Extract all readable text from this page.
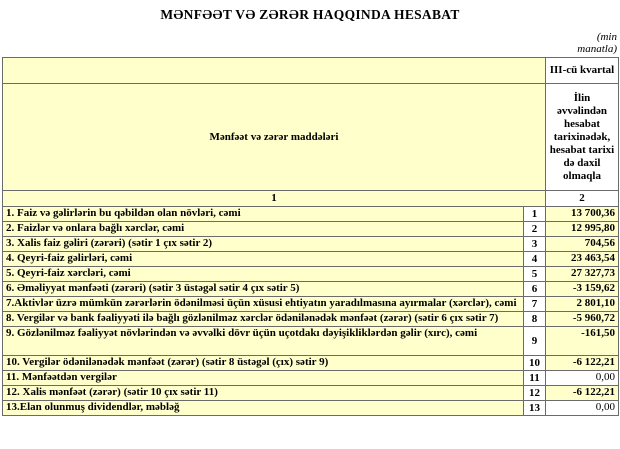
MƏNFƏƏT VƏ ZƏRƏR HAQQINDA HESABAT
(min manatla)
		III-cü kvartal
Mənfəət və zərər maddələri		İlin əvvəlindən hesabat tarixinədək, hesabat tarixi də daxil olmaqla
1		2
1. Faiz və gəlirlərin bu qəbildən olan növləri, cəmi	1	13 700,36
2. Faizlər və onlara bağlı xərclər, cəmi	2	12 995,80
3. Xalis faiz gəliri (zərəri) (sətir 1 çıx sətir 2)	3	704,56
4. Qeyri-faiz gəlirləri, cəmi	4	23 463,54
5. Qeyri-faiz xərcləri, cəmi	5	27 327,73
6. Əməliyyat mənfəəti (zərəri) (sətir 3 üstəgəl sətir 4 çıx sətir 5)	6	-3 159,62
7.Aktivlər üzrə mümkün zərərlərin ödənilməsi üçün xüsusi ehtiyatın yaradılmasına ayırmalar (xərclər), cəmi	7	2 801,10
8. Vergilər və bank fəaliyyəti ilə bağlı gözlənilməz xərclər ödənilənədək mənfəət (zərər) (sətir 6 çıx sətir 7)	8	-5 960,72
9. Gözlənilməz fəaliyyət növlərindən və əvvəlki dövr üçün uçotdakı dəyişikliklərdən gəlir (xırc), cəmi	9	-161,50
10. Vergilər ödənilənədək mənfəət (zərər) (sətir 8 üstəgəl (çıx) sətir 9)	10	-6 122,21
11. Mənfəətdən vergilər	11	0,00
12. Xalis mənfəət (zərər) (sətir 10 çıx sətir 11)	12	-6 122,21
13.Elan olunmuş dividendlər, məbləğ	13	0,00
